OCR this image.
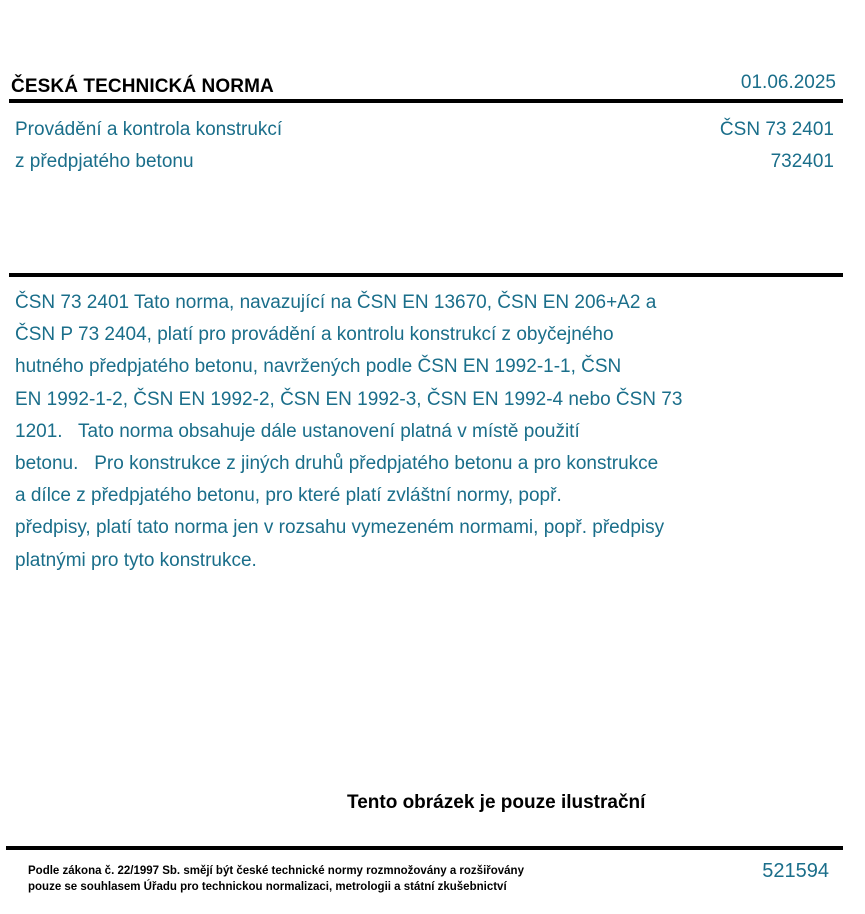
ČESKÁ TECHNICKÁ NORMA	01.06.2025
Provádění a kontrola konstrukcí
z předpjatého betonu
ČSN 73 2401
732401

ČSN 73 2401 Tato norma, navazující na ČSN EN 13670, ČSN EN 206+A2 a

ČSN P 73 2404, platí pro provádění a kontrolu konstrukcí z obyčejného

hutného předpjatého betonu, navržených podle ČSN EN 1992-1-1, ČSN

EN 1992-1-2, ČSN EN 1992-2, ČSN EN 1992-3, ČSN EN 1992-4 nebo ČSN 73

1201.   Tato norma obsahuje dále ustanovení platná v místě použití

betonu.   Pro konstrukce z jiných druhů předpjatého betonu a pro konstrukce

a dílce z předpjatého betonu, pro které platí zvláštní normy, popř.

předpisy, platí tato norma jen v rozsahu vymezeném normami, popř. předpisy

platnými pro tyto konstrukce.

Tento obrázek je pouze ilustrační

Podle zákona č. 22/1997 Sb. smějí být české technické normy rozmnožovány a rozšiřovány

pouze se souhlasem Úřadu pro technickou normalizaci, metrologii a státní zkušebnictví

521594
